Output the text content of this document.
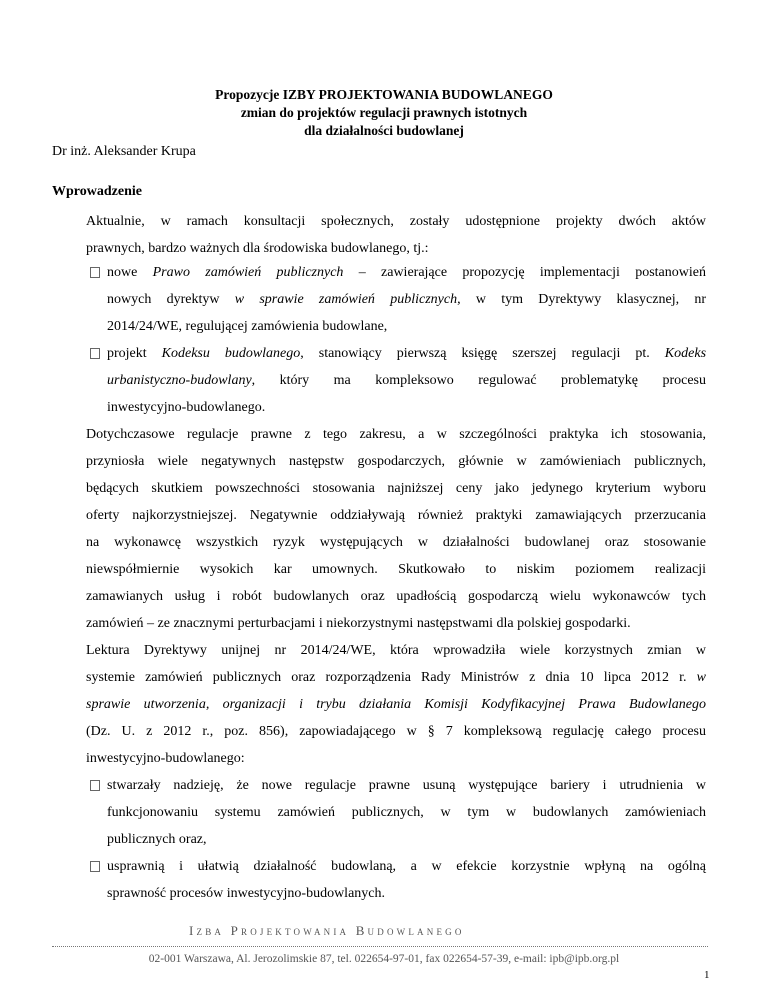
Propozycje IZBY PROJEKTOWANIA BUDOWLANEGO
zmian do projektów regulacji prawnych istotnych
dla działalności budowlanej
Dr inż. Aleksander Krupa
Wprowadzenie
Aktualnie, w ramach konsultacji społecznych, zostały udostępnione projekty dwóch aktów
prawnych, bardzo ważnych dla środowiska budowlanego, tj.:
nowe Prawo zamówień publicznych – zawierające propozycję implementacji postanowień
nowych dyrektyw w sprawie zamówień publicznych, w tym Dyrektywy klasycznej, nr
2014/24/WE, regulującej zamówienia budowlane,
projekt Kodeksu budowlanego, stanowiący pierwszą księgę szerszej regulacji pt. Kodeks
urbanistyczno-budowlany, który ma kompleksowo regulować problematykę procesu
inwestycyjno-budowlanego.
Dotychczasowe regulacje prawne z tego zakresu, a w szczególności praktyka ich stosowania,
przyniosła wiele negatywnych następstw gospodarczych, głównie w zamówieniach publicznych,
będących skutkiem powszechności stosowania najniższej ceny jako jedynego kryterium wyboru
oferty najkorzystniejszej. Negatywnie oddziaływają również praktyki zamawiających przerzucania
na wykonawcę wszystkich ryzyk występujących w działalności budowlanej oraz stosowanie
niewspółmiernie wysokich kar umownych. Skutkowało to niskim poziomem realizacji
zamawianych usług i robót budowlanych oraz upadłością gospodarczą wielu wykonawców tych
zamówień – ze znacznymi perturbacjami i niekorzystnymi następstwami dla polskiej gospodarki.
Lektura Dyrektywy unijnej nr 2014/24/WE, która wprowadziła wiele korzystnych zmian w
systemie zamówień publicznych oraz rozporządzenia Rady Ministrów z dnia 10 lipca 2012 r. w
sprawie utworzenia, organizacji i trybu działania Komisji Kodyfikacyjnej Prawa Budowlanego
(Dz. U. z 2012 r., poz. 856), zapowiadającego w § 7 kompleksową regulację całego procesu
inwestycyjno-budowlanego:
stwarzały nadzieję, że nowe regulacje prawne usuną występujące bariery i utrudnienia w
funkcjonowaniu systemu zamówień publicznych, w tym w budowlanych zamówieniach
publicznych oraz,
usprawnią i ułatwią działalność budowlaną, a w efekcie korzystnie wpłyną na ogólną
sprawność procesów inwestycyjno-budowlanych.
Izba Projektowania Budowlanego
02-001 Warszawa, Al. Jerozolimskie 87, tel. 022654-97-01, fax 022654-57-39, e-mail: ipb@ipb.org.pl
1
